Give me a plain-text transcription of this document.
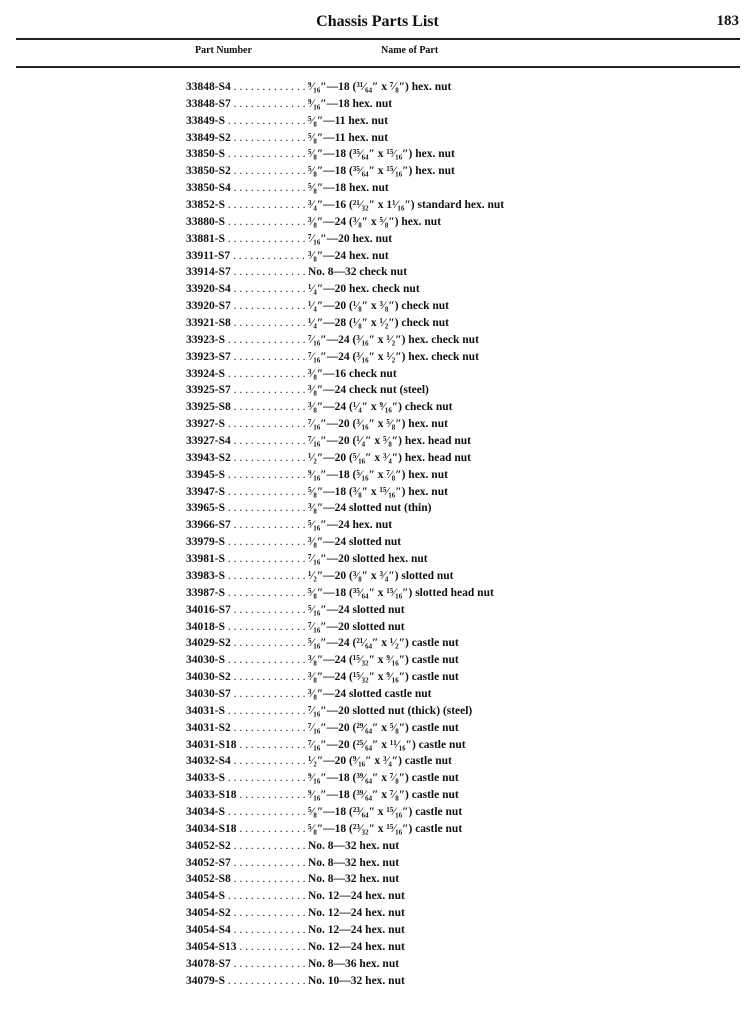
Chassis Parts List	183
Part Number	Name of Part
33848-S4 . . .	⁹⁄₁₆″—18 (³¹⁄₆₄″ x ⁷⁄₈″) hex. nut
33848-S7 . . .	⁹⁄₁₆″—18 hex. nut
33849-S . . .	⁵⁄₈″—11 hex. nut
33849-S2 . . .	⁵⁄₈″—11 hex. nut
33850-S . . .	⁵⁄₈″—18 (³⁵⁄₆₄″ x ¹⁵⁄₁₆″) hex. nut
33850-S2 . . .	⁵⁄₈″—18 (³⁵⁄₆₄″ x ¹⁵⁄₁₆″) hex. nut
33850-S4 . . .	⁵⁄₈″—18 hex. nut
33852-S . . .	³⁄₄″—16 (²¹⁄₃₂″ x 1¹⁄₁₆″) standard hex. nut
33880-S . . .	³⁄₈″—24 (³⁄₈″ x ⁵⁄₈″) hex. nut
33881-S . . .	⁷⁄₁₆″—20 hex. nut
33911-S7 . . .	³⁄₈″—24 hex. nut
33914-S7 . . .	No. 8—32 check nut
33920-S4 . . .	¹⁄₄″—20 hex. check nut
33920-S7 . . .	¹⁄₄″—20 (¹⁄₈″ x ³⁄₈″) check nut
33921-S8 . . .	¹⁄₄″—28 (¹⁄₈″ x ¹⁄₂″) check nut
33923-S . . .	⁷⁄₁₆″—24 (³⁄₁₆″ x ¹⁄₂″) hex. check nut
33923-S7 . . .	⁷⁄₁₆″—24 (³⁄₁₆″ x ¹⁄₂″) hex. check nut
33924-S . . .	³⁄₈″—16 check nut
33925-S7 . . .	³⁄₈″—24 check nut (steel)
33925-S8 . . .	³⁄₈″—24 (¹⁄₄″ x ⁹⁄₁₆″) check nut
33927-S . . .	⁷⁄₁₆″—20 (³⁄₁₆″ x ⁵⁄₈″) hex. nut
33927-S4 . . .	⁷⁄₁₆″—20 (¹⁄₄″ x ⁵⁄₈″) hex. head nut
33943-S2 . . .	¹⁄₂″—20 (⁵⁄₁₆″ x ³⁄₄″) hex. head nut
33945-S . . .	⁹⁄₁₆″—18 (⁵⁄₁₆″ x ⁷⁄₈″) hex. nut
33947-S . . .	⁵⁄₈″—18 (³⁄₈″ x ¹⁵⁄₁₆″) hex. nut
33965-S . . .	³⁄₈″—24 slotted nut (thin)
33966-S7 . . .	⁵⁄₁₆″—24 hex. nut
33979-S . . .	³⁄₈″—24 slotted nut
33981-S . . .	⁷⁄₁₆″—20 slotted hex. nut
33983-S . . .	¹⁄₂″—20 (³⁄₈″ x ³⁄₄″) slotted nut
33987-S . . .	⁵⁄₈″—18 (³⁵⁄₆₄″ x ¹⁵⁄₁₆″) slotted head nut
34016-S7 . . .	⁵⁄₁₆″—24 slotted nut
34018-S . . .	⁷⁄₁₆″—20 slotted nut
34029-S2 . . .	⁵⁄₁₆″—24 (²¹⁄₆₄″ x ¹⁄₂″) castle nut
34030-S . . .	³⁄₈″—24 (¹⁵⁄₃₂″ x ⁹⁄₁₆″) castle nut
34030-S2 . . .	³⁄₈″—24 (¹⁵⁄₃₂″ x ⁹⁄₁₆″) castle nut
34030-S7 . . .	³⁄₈″—24 slotted castle nut
34031-S . . .	⁷⁄₁₆″—20 slotted nut (thick) (steel)
34031-S2 . . .	⁷⁄₁₆″—20 (²⁹⁄₆₄″ x ⁵⁄₈″) castle nut
34031-S18 . . .	⁷⁄₁₆″—20 (²⁵⁄₆₄″ x ¹¹⁄₁₆″) castle nut
34032-S4 . . .	¹⁄₂″—20 (⁹⁄₁₆″ x ³⁄₄″) castle nut
34033-S . . .	⁹⁄₁₆″—18 (³⁹⁄₆₄″ x ⁷⁄₈″) castle nut
34033-S18 . . .	⁹⁄₁₆″—18 (³⁹⁄₆₄″ x ⁷⁄₈″) castle nut
34034-S . . .	⁵⁄₈″—18 (²³⁄₆₄″ x ¹⁵⁄₁₆″) castle nut
34034-S18 . . .	⁵⁄₈″—18 (²³⁄₃₂″ x ¹⁵⁄₁₆″) castle nut
34052-S2 . . .	No. 8—32 hex. nut
34052-S7 . . .	No. 8—32 hex. nut
34052-S8 . . .	No. 8—32 hex. nut
34054-S . . .	No. 12—24 hex. nut
34054-S2 . . .	No. 12—24 hex. nut
34054-S4 . . .	No. 12—24 hex. nut
34054-S13 . . .	No. 12—24 hex. nut
34078-S7 . . .	No. 8—36 hex. nut
34079-S . . .	No. 10—32 hex. nut
